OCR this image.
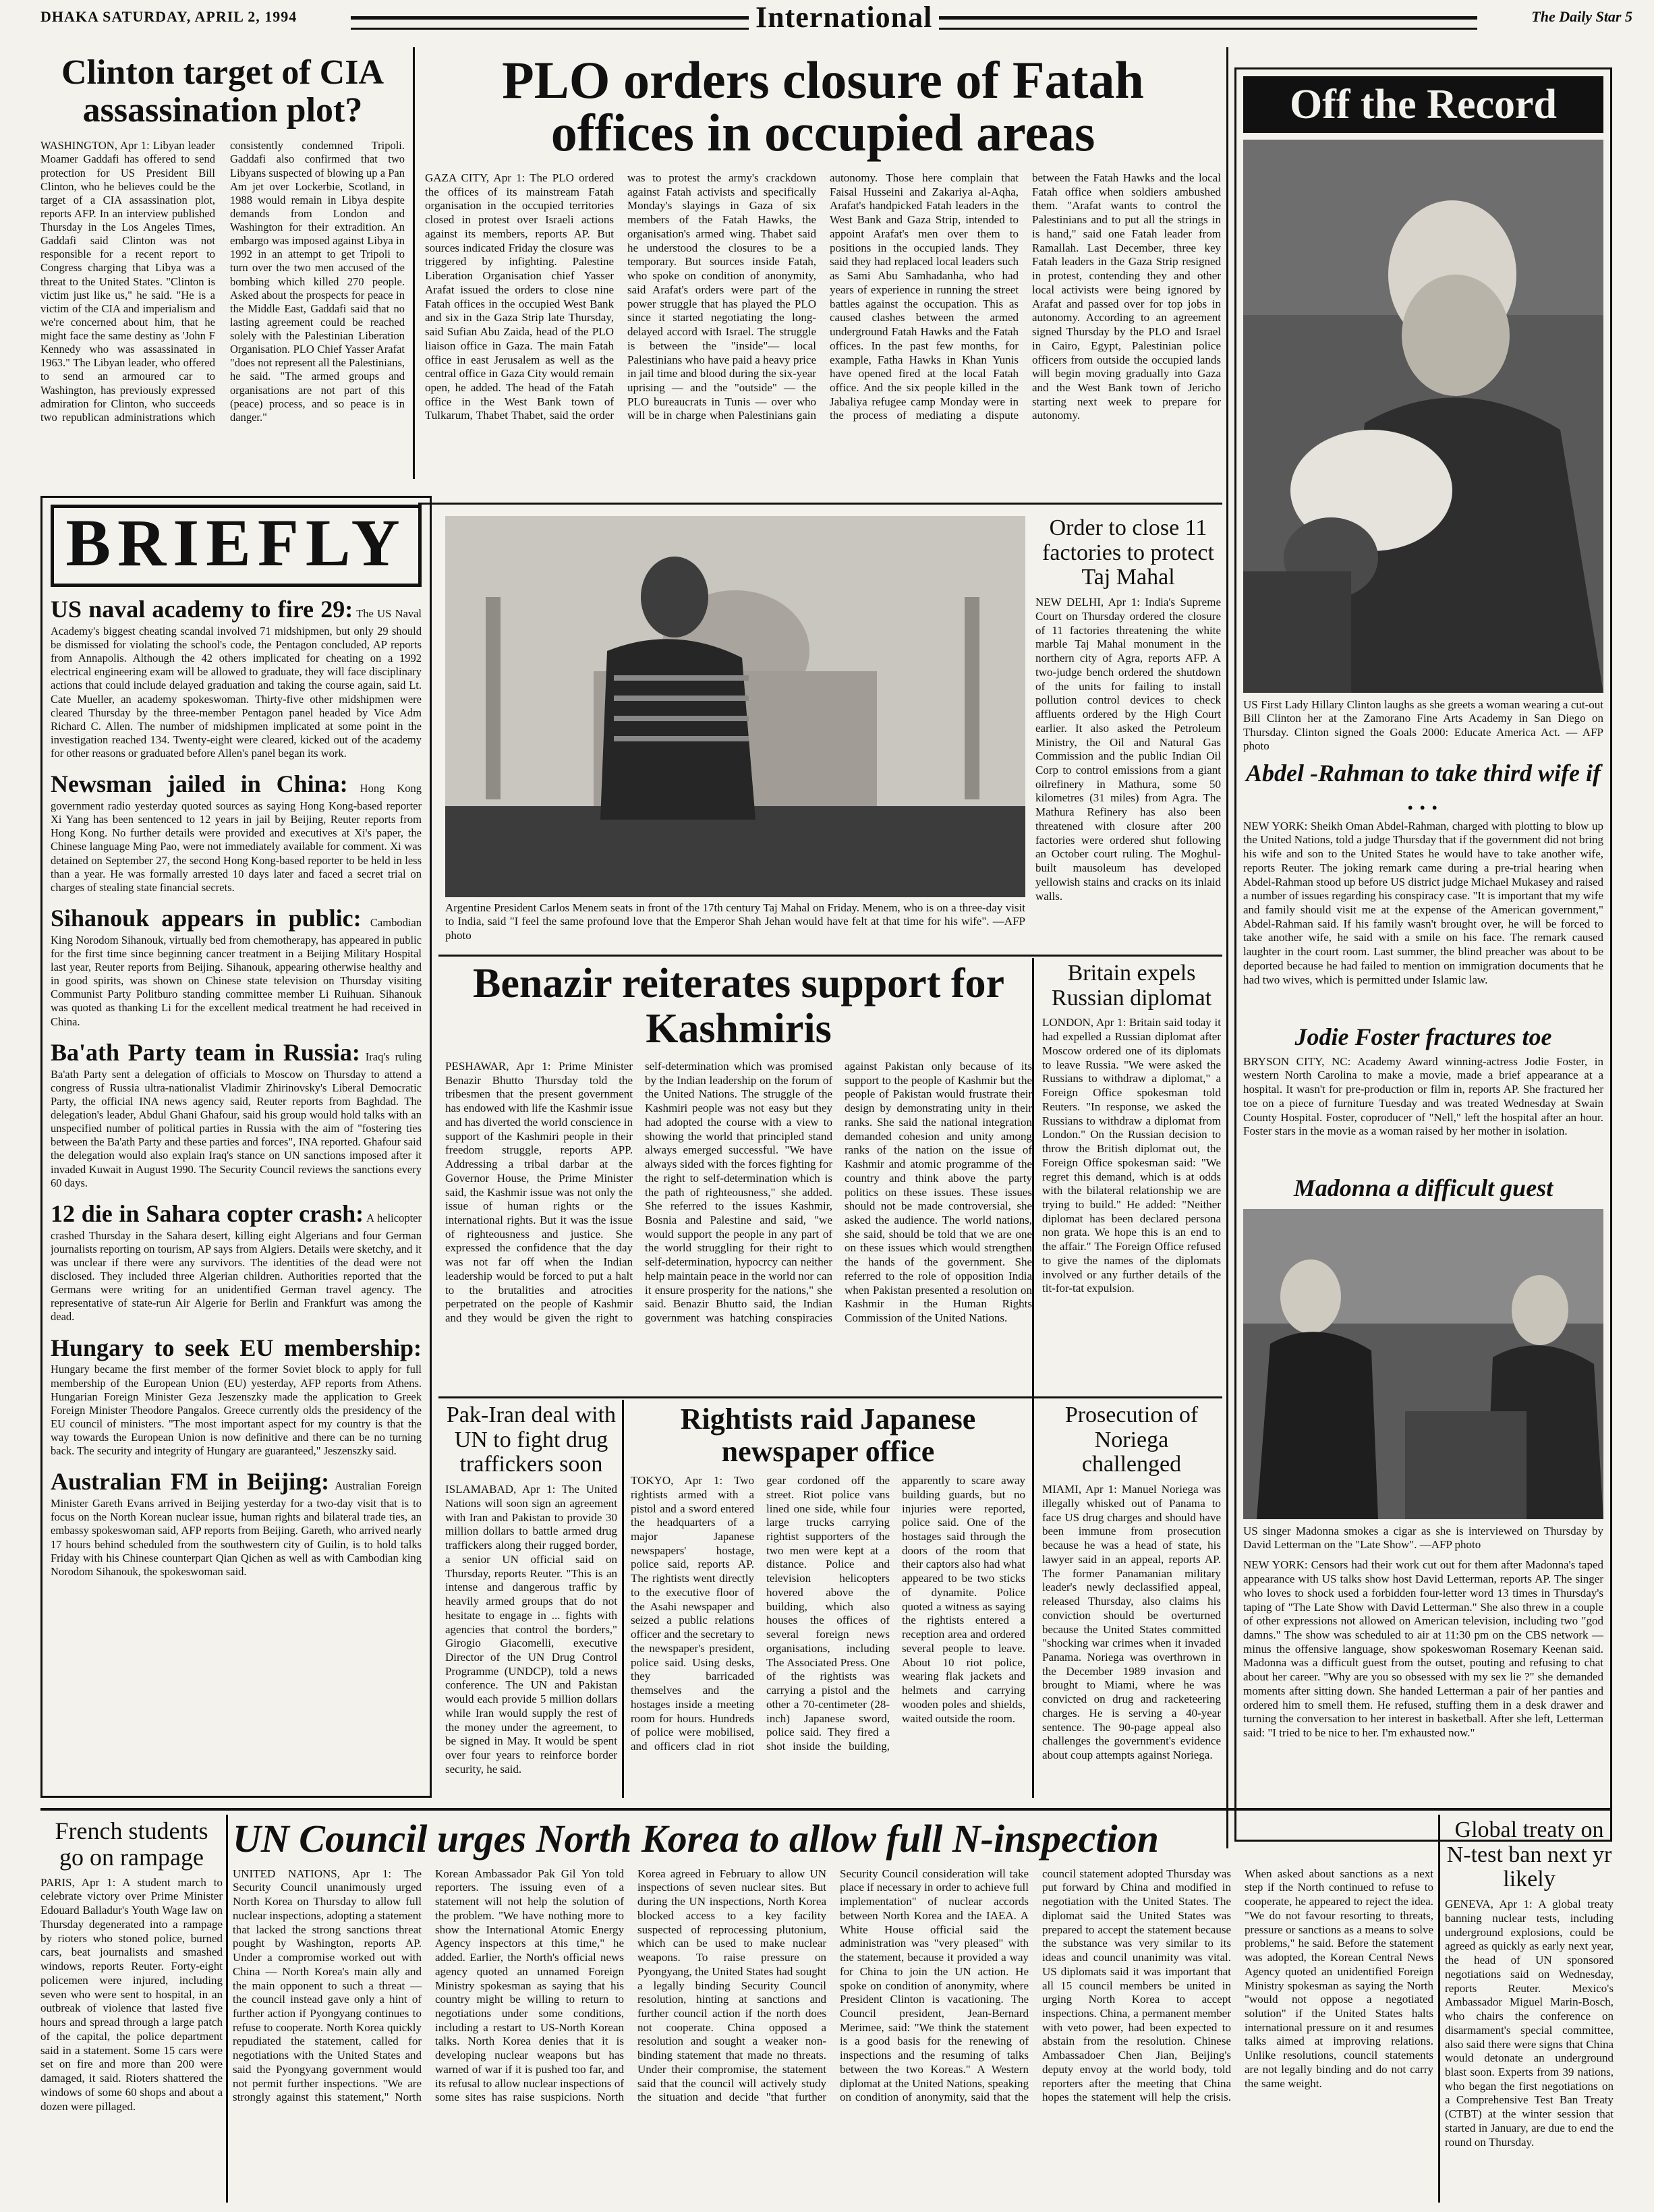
DHAKA SATURDAY, APRIL 2, 1994	International	The Daily Star 5
Clinton target of CIA assassination plot?
WASHINGTON, Apr 1: Libyan leader Moamer Gaddafi has offered to send protection for US President Bill Clinton, who he believes could be the target of a CIA assassination plot, reports AFP. In an interview published Thursday in the Los Angeles Times, Gaddafi said Clinton was not responsible for a recent report to Congress charging that Libya was a threat to the United States. "Clinton is victim just like us," he said. "He is a victim of the CIA and imperialism and we're concerned about him, that he might face the same destiny as 'John F Kennedy who was assassinated in 1963." The Libyan leader, who offered to send an armoured car to Washington, has previously expressed admiration for Clinton, who succeeds two republican administrations which consistently condemned Tripoli. Gaddafi also confirmed that two Libyans suspected of blowing up a Pan Am jet over Lockerbie, Scotland, in 1988 would remain in Libya despite demands from London and Washington for their extradition. An embargo was imposed against Libya in 1992 in an attempt to get Tripoli to turn over the two men accused of the bombing which killed 270 people. Asked about the prospects for peace in the Middle East, Gaddafi said that no lasting agreement could be reached solely with the Palestinian Liberation Organisation. PLO Chief Yasser Arafat "does not represent all the Palestinians, he said. "The armed groups and organisations are not part of this (peace) process, and so peace is in danger."
PLO orders closure of Fatah offices in occupied areas
GAZA CITY, Apr 1: The PLO ordered the offices of its mainstream Fatah organisation in the occupied territories closed in protest over Israeli actions against its members, reports AP. But sources indicated Friday the closure was triggered by infighting. Palestine Liberation Organisation chief Yasser Arafat issued the orders to close nine Fatah offices in the occupied West Bank and six in the Gaza Strip late Thursday, said Sufian Abu Zaida, head of the PLO liaison office in Gaza. The main Fatah office in east Jerusalem as well as the central office in Gaza City would remain open, he added. The head of the Fatah office in the West Bank town of Tulkarum, Thabet Thabet, said the order was to protest the army's crackdown against Fatah activists and specifically Monday's slayings in Gaza of six members of the Fatah Hawks, the organisation's armed wing. Thabet said he understood the closures to be a temporary. But sources inside Fatah, who spoke on condition of anonymity, said Arafat's orders were part of the power struggle that has played the PLO since it started negotiating the long-delayed accord with Israel. The struggle is between the "inside"— local Palestinians who have paid a heavy price in jail time and blood during the six-year uprising — and the "outside" — the PLO bureaucrats in Tunis — over who will be in charge when Palestinians gain autonomy. Those here complain that Faisal Husseini and Zakariya al-Aqha, Arafat's handpicked Fatah leaders in the West Bank and Gaza Strip, intended to appoint Arafat's men over them to positions in the occupied lands. They said they had replaced local leaders such as Sami Abu Samhadanha, who had years of experience in running the street battles against the occupation. This as caused clashes between the armed underground Fatah Hawks and the Fatah offices. In the past few months, for example, Fatha Hawks in Khan Yunis have opened fired at the local Fatah office. And the six people killed in the Jabaliya refugee camp Monday were in the process of mediating a dispute between the Fatah Hawks and the local Fatah office when soldiers ambushed them. "Arafat wants to control the Palestinians and to put all the strings in is hand," said one Fatah leader from Ramallah. Last December, three key Fatah leaders in the Gaza Strip resigned in protest, contending they and other local activists were being ignored by Arafat and passed over for top jobs in autonomy. According to an agreement signed Thursday by the PLO and Israel in Cairo, Egypt, Palestinian police officers from outside the occupied lands will begin moving gradually into Gaza and the West Bank town of Jericho starting next week to prepare for autonomy.
Off the Record
US First Lady Hillary Clinton laughs as she greets a woman wearing a cut-out Bill Clinton her at the Zamorano Fine Arts Academy in San Diego on Thursday. Clinton signed the Goals 2000: Educate America Act. — AFP photo
Abdel -Rahman to take third wife if . . .
NEW YORK: Sheikh Oman Abdel-Rahman, charged with plotting to blow up the United Nations, told a judge Thursday that if the government did not bring his wife and son to the United States he would have to take another wife, reports Reuter. The joking remark came during a pre-trial hearing when Abdel-Rahman stood up before US district judge Michael Mukasey and raised a number of issues regarding his conspiracy case. "It is important that my wife and family should visit me at the expense of the American government," Abdel-Rahman said. If his family wasn't brought over, he will be forced to take another wife, he said with a smile on his face. The remark caused laughter in the court room. Last summer, the blind preacher was about to be deported because he had failed to mention on immigration documents that he had two wives, which is permitted under Islamic law.
Jodie Foster fractures toe
BRYSON CITY, NC: Academy Award winning-actress Jodie Foster, in western North Carolina to make a movie, made a brief appearance at a hospital. It wasn't for pre-production or film in, reports AP. She fractured her toe on a piece of furniture Tuesday and was treated Wednesday at Swain County Hospital. Foster, coproducer of "Nell," left the hospital after an hour. Foster stars in the movie as a woman raised by her mother in isolation.
Madonna a difficult guest
US singer Madonna smokes a cigar as she is interviewed on Thursday by David Letterman on the "Late Show". —AFP photo
NEW YORK: Censors had their work cut out for them after Madonna's taped appearance with US talks show host David Letterman, reports AP. The singer who loves to shock used a forbidden four-letter word 13 times in Thursday's taping of "The Late Show with David Letterman." She also threw in a couple of other expressions not allowed on American television, including two "god damns." The show was scheduled to air at 11:30 pm on the CBS network — minus the offensive language, show spokeswoman Rosemary Keenan said. Madonna was a difficult guest from the outset, pouting and refusing to chat about her career. "Why are you so obsessed with my sex lie ?" she demanded moments after sitting down. She handed Letterman a pair of her panties and ordered him to smell them. He refused, stuffing them in a desk drawer and turning the conversation to her interest in basketball. After she left, Letterman said: "I tried to be nice to her. I'm exhausted now."
BRIEFLY
US naval academy to fire 29: The US Naval Academy's biggest cheating scandal involved 71 midshipmen, but only 29 should be dismissed for violating the school's code, the Pentagon concluded, AP reports from Annapolis. Although the 42 others implicated for cheating on a 1992 electrical engineering exam will be allowed to graduate, they will face disciplinary actions that could include delayed graduation and taking the course again, said Lt. Cate Mueller, an academy spokeswoman. Thirty-five other midshipmen were cleared Thursday by the three-member Pentagon panel headed by Vice Adm Richard C. Allen. The number of midshipmen implicated at some point in the investigation reached 134. Twenty-eight were cleared, kicked out of the academy for other reasons or graduated before Allen's panel began its work.
Newsman jailed in China: Hong Kong government radio yesterday quoted sources as saying Hong Kong-based reporter Xi Yang has been sentenced to 12 years in jail by Beijing, Reuter reports from Hong Kong. No further details were provided and executives at Xi's paper, the Chinese language Ming Pao, were not immediately available for comment. Xi was detained on September 27, the second Hong Kong-based reporter to be held in less than a year. He was formally arrested 10 days later and faced a secret trial on charges of stealing state financial secrets.
Sihanouk appears in public: Cambodian King Norodom Sihanouk, virtually bed from chemotherapy, has appeared in public for the first time since beginning cancer treatment in a Beijing Military Hospital last year, Reuter reports from Beijing. Sihanouk, appearing otherwise healthy and in good spirits, was shown on Chinese state television on Thursday visiting Communist Party Politburo standing committee member Li Ruihuan. Sihanouk was quoted as thanking Li for the excellent medical treatment he had received in China.
Ba'ath Party team in Russia: Iraq's ruling Ba'ath Party sent a delegation of officials to Moscow on Thursday to attend a congress of Russia ultra-nationalist Vladimir Zhirinovsky's Liberal Democratic Party, the official INA news agency said, Reuter reports from Baghdad. The delegation's leader, Abdul Ghani Ghafour, said his group would hold talks with an unspecified number of political parties in Russia with the aim of "fostering ties between the Ba'ath Party and these parties and forces", INA reported. Ghafour said the delegation would also explain Iraq's stance on UN sanctions imposed after it invaded Kuwait in August 1990. The Security Council reviews the sanctions every 60 days.
12 die in Sahara copter crash: A helicopter crashed Thursday in the Sahara desert, killing eight Algerians and four German journalists reporting on tourism, AP says from Algiers. Details were sketchy, and it was unclear if there were any survivors. The identities of the dead were not disclosed. They included three Algerian children. Authorities reported that the Germans were writing for an unidentified German travel agency. The representative of state-run Air Algerie for Berlin and Frankfurt was among the dead.
Hungary to seek EU membership: Hungary became the first member of the former Soviet block to apply for full membership of the European Union (EU) yesterday, AFP reports from Athens. Hungarian Foreign Minister Geza Jeszenszky made the application to Greek Foreign Minister Theodore Pangalos. Greece currently olds the presidency of the EU council of ministers. "The most important aspect for my country is that the way towards the European Union is now definitive and there can be no turning back. The security and integrity of Hungary are guaranteed," Jeszenszky said.
Australian FM in Beijing: Australian Foreign Minister Gareth Evans arrived in Beijing yesterday for a two-day visit that is to focus on the North Korean nuclear issue, human rights and bilateral trade ties, an embassy spokeswoman said, AFP reports from Beijing. Gareth, who arrived nearly 17 hours behind scheduled from the southwestern city of Guilin, is to hold talks Friday with his Chinese counterpart Qian Qichen as well as with Cambodian king Norodom Sihanouk, the spokeswoman said.
Argentine President Carlos Menem seats in front of the 17th century Taj Mahal on Friday. Menem, who is on a three-day visit to India, said "I feel the same profound love that the Emperor Shah Jehan would have felt at that time for his wife". —AFP photo
Order to close 11 factories to protect Taj Mahal
NEW DELHI, Apr 1: India's Supreme Court on Thursday ordered the closure of 11 factories threatening the white marble Taj Mahal monument in the northern city of Agra, reports AFP. A two-judge bench ordered the shutdown of the units for failing to install pollution control devices to check affluents ordered by the High Court earlier. It also asked the Petroleum Ministry, the Oil and Natural Gas Commission and the public Indian Oil Corp to control emissions from a giant oilrefinery in Mathura, some 50 kilometres (31 miles) from Agra. The Mathura Refinery has also been threatened with closure after 200 factories were ordered shut following an October court ruling. The Moghul-built mausoleum has developed yellowish stains and cracks on its inlaid walls.
Benazir reiterates support for Kashmiris
PESHAWAR, Apr 1: Prime Minister Benazir Bhutto Thursday told the tribesmen that the present government has endowed with life the Kashmir issue and has diverted the world conscience in support of the Kashmiri people in their freedom struggle, reports APP. Addressing a tribal darbar at the Governor House, the Prime Minister said, the Kashmir issue was not only the issue of human rights or the international rights. But it was the issue of righteousness and justice. She expressed the confidence that the day was not far off when the Indian leadership would be forced to put a halt to the brutalities and atrocities perpetrated on the people of Kashmir and they would be given the right to self-determination which was promised by the Indian leadership on the forum of the United Nations. The struggle of the Kashmiri people was not easy but they had adopted the course with a view to showing the world that principled stand always emerged successful. "We have always sided with the forces fighting for the right to self-determination which is the path of righteousness," she added. She referred to the issues Kashmir, Bosnia and Palestine and said, "we would support the people in any part of the world struggling for their right to self-determination, hypocrcy can neither help maintain peace in the world nor can it ensure prosperity for the nations," she said. Benazir Bhutto said, the Indian government was hatching conspiracies against Pakistan only because of its support to the people of Kashmir but the people of Pakistan would frustrate their design by demonstrating unity in their ranks. She said the national integration demanded cohesion and unity among ranks of the nation on the issue of Kashmir and atomic programme of the country and think above the party politics on these issues. These issues should not be made controversial, she asked the audience. The world nations, she said, should be told that we are one on these issues which would strengthen the hands of the government. She referred to the role of opposition India when Pakistan presented a resolution on Kashmir in the Human Rights Commission of the United Nations.
Britain expels Russian diplomat
LONDON, Apr 1: Britain said today it had expelled a Russian diplomat after Moscow ordered one of its diplomats to leave Russia. "We were asked the Russians to withdraw a diplomat," a Foreign Office spokesman told Reuters. "In response, we asked the Russians to withdraw a diplomat from London." On the Russian decision to throw the British diplomat out, the Foreign Office spokesman said: "We regret this demand, which is at odds with the bilateral relationship we are trying to build." He added: "Neither diplomat has been declared persona non grata. We hope this is an end to the affair." The Foreign Office refused to give the names of the diplomats involved or any further details of the tit-for-tat expulsion.
Pak-Iran deal with UN to fight drug traffickers soon
ISLAMABAD, Apr 1: The United Nations will soon sign an agreement with Iran and Pakistan to provide 30 million dollars to battle armed drug traffickers along their rugged border, a senior UN official said on Thursday, reports Reuter. "This is an intense and dangerous traffic by heavily armed groups that do not hesitate to engage in ... fights with agencies that control the borders," Girogio Giacomelli, executive Director of the UN Drug Control Programme (UNDCP), told a news conference. The UN and Pakistan would each provide 5 million dollars while Iran would supply the rest of the money under the agreement, to be signed in May. It would be spent over four years to reinforce border security, he said.
Rightists raid Japanese newspaper office
TOKYO, Apr 1: Two rightists armed with a pistol and a sword entered the headquarters of a major Japanese newspapers' hostage, police said, reports AP. The rightists went directly to the executive floor of the Asahi newspaper and seized a public relations officer and the secretary to the newspaper's president, police said. Using desks, they barricaded themselves and the hostages inside a meeting room for hours. Hundreds of police were mobilised, and officers clad in riot gear cordoned off the street. Riot police vans lined one side, while four large trucks carrying rightist supporters of the two men were kept at a distance. Police and television helicopters hovered above the building, which also houses the offices of several foreign news organisations, including The Associated Press. One of the rightists was carrying a pistol and the other a 70-centimeter (28-inch) Japanese sword, police said. They fired a shot inside the building, apparently to scare away building guards, but no injuries were reported, police said. One of the hostages said through the doors of the room that their captors also had what appeared to be two sticks of dynamite. Police quoted a witness as saying the rightists entered a reception area and ordered several people to leave. About 10 riot police, wearing flak jackets and helmets and carrying wooden poles and shields, waited outside the room.
Prosecution of Noriega challenged
MIAMI, Apr 1: Manuel Noriega was illegally whisked out of Panama to face US drug charges and should have been immune from prosecution because he was a head of state, his lawyer said in an appeal, reports AP. The former Panamanian military leader's newly declassified appeal, released Thursday, also claims his conviction should be overturned because the United States committed "shocking war crimes when it invaded Panama. Noriega was overthrown in the December 1989 invasion and brought to Miami, where he was convicted on drug and racketeering charges. He is serving a 40-year sentence. The 90-page appeal also challenges the government's evidence about coup attempts against Noriega.
French students go on rampage
PARIS, Apr 1: A student march to celebrate victory over Prime Minister Edouard Balladur's Youth Wage law on Thursday degenerated into a rampage by rioters who stoned police, burned cars, beat journalists and smashed windows, reports Reuter. Forty-eight policemen were injured, including seven who were sent to hospital, in an outbreak of violence that lasted five hours and spread through a large patch of the capital, the police department said in a statement. Some 15 cars were set on fire and more than 200 were damaged, it said. Rioters shattered the windows of some 60 shops and about a dozen were pillaged.
UN Council urges North Korea to allow full N-inspection
UNITED NATIONS, Apr 1: The Security Council unanimously urged North Korea on Thursday to allow full nuclear inspections, adopting a statement that lacked the strong sanctions threat pought by Washington, reports AP. Under a compromise worked out with China — North Korea's main ally and the main opponent to such a threat — the council instead gave only a hint of further action if Pyongyang continues to refuse to cooperate. North Korea quickly repudiated the statement, called for negotiations with the United States and said the Pyongyang government would not permit further inspections. "We are strongly against this statement," North Korean Ambassador Pak Gil Yon told reporters. The issuing even of a statement will not help the solution of the problem. "We have nothing more to show the International Atomic Energy Agency inspectors at this time," he added. Earlier, the North's official news agency quoted an unnamed Foreign Ministry spokesman as saying that his country might be willing to return to negotiations under some conditions, including a restart to US-North Korean talks. North Korea denies that it is developing nuclear weapons but has warned of war if it is pushed too far, and its refusal to allow nuclear inspections of some sites has raise suspicions. North Korea agreed in February to allow UN inspections of seven nuclear sites. But during the UN inspections, North Korea blocked access to a key facility suspected of reprocessing plutonium, which can be used to make nuclear weapons. To raise pressure on Pyongyang, the United States had sought a legally binding Security Council resolution, hinting at sanctions and further council action if the north does not cooperate. China opposed a resolution and sought a weaker non-binding statement that made no threats. Under their compromise, the statement said that the council will actively study the situation and decide "that further Security Council consideration will take place if necessary in order to achieve full implementation" of nuclear accords between North Korea and the IAEA. A White House official said the administration was "very pleased" with the statement, because it provided a way for China to join the UN action. He spoke on condition of anonymity, where President Clinton is vacationing. The Council president, Jean-Bernard Merimee, said: "We think the statement is a good basis for the renewing of inspections and the resuming of talks between the two Koreas." A Western diplomat at the United Nations, speaking on condition of anonymity, said that the council statement adopted Thursday was put forward by China and modified in negotiation with the United States. The diplomat said the United States was prepared to accept the statement because the substance was very similar to its ideas and council unanimity was vital. US diplomats said it was important that all 15 council members be united in urging North Korea to accept inspections. China, a permanent member with veto power, had been expected to abstain from the resolution. Chinese Ambassadoer Chen Jian, Beijing's deputy envoy at the world body, told reporters after the meeting that China hopes the statement will help the crisis. When asked about sanctions as a next step if the North continued to refuse to cooperate, he appeared to reject the idea. "We do not favour resorting to threats, pressure or sanctions as a means to solve problems," he said. Before the statement was adopted, the Korean Central News Agency quoted an unidentified Foreign Ministry spokesman as saying the North "would not oppose a negotiated solution" if the United States halts international pressure on it and resumes talks aimed at improving relations. Unlike resolutions, council statements are not legally binding and do not carry the same weight.
Global treaty on N-test ban next yr likely
GENEVA, Apr 1: A global treaty banning nuclear tests, including underground explosions, could be agreed as quickly as early next year, the head of UN sponsored negotiations said on Wednesday, reports Reuter. Mexico's Ambassador Miguel Marin-Bosch, who chairs the conference on disarmament's special committee, also said there were signs that China would detonate an underground blast soon. Experts from 39 nations, who began the first negotiations on a Comprehensive Test Ban Treaty (CTBT) at the winter session that started in January, are due to end the round on Thursday.
